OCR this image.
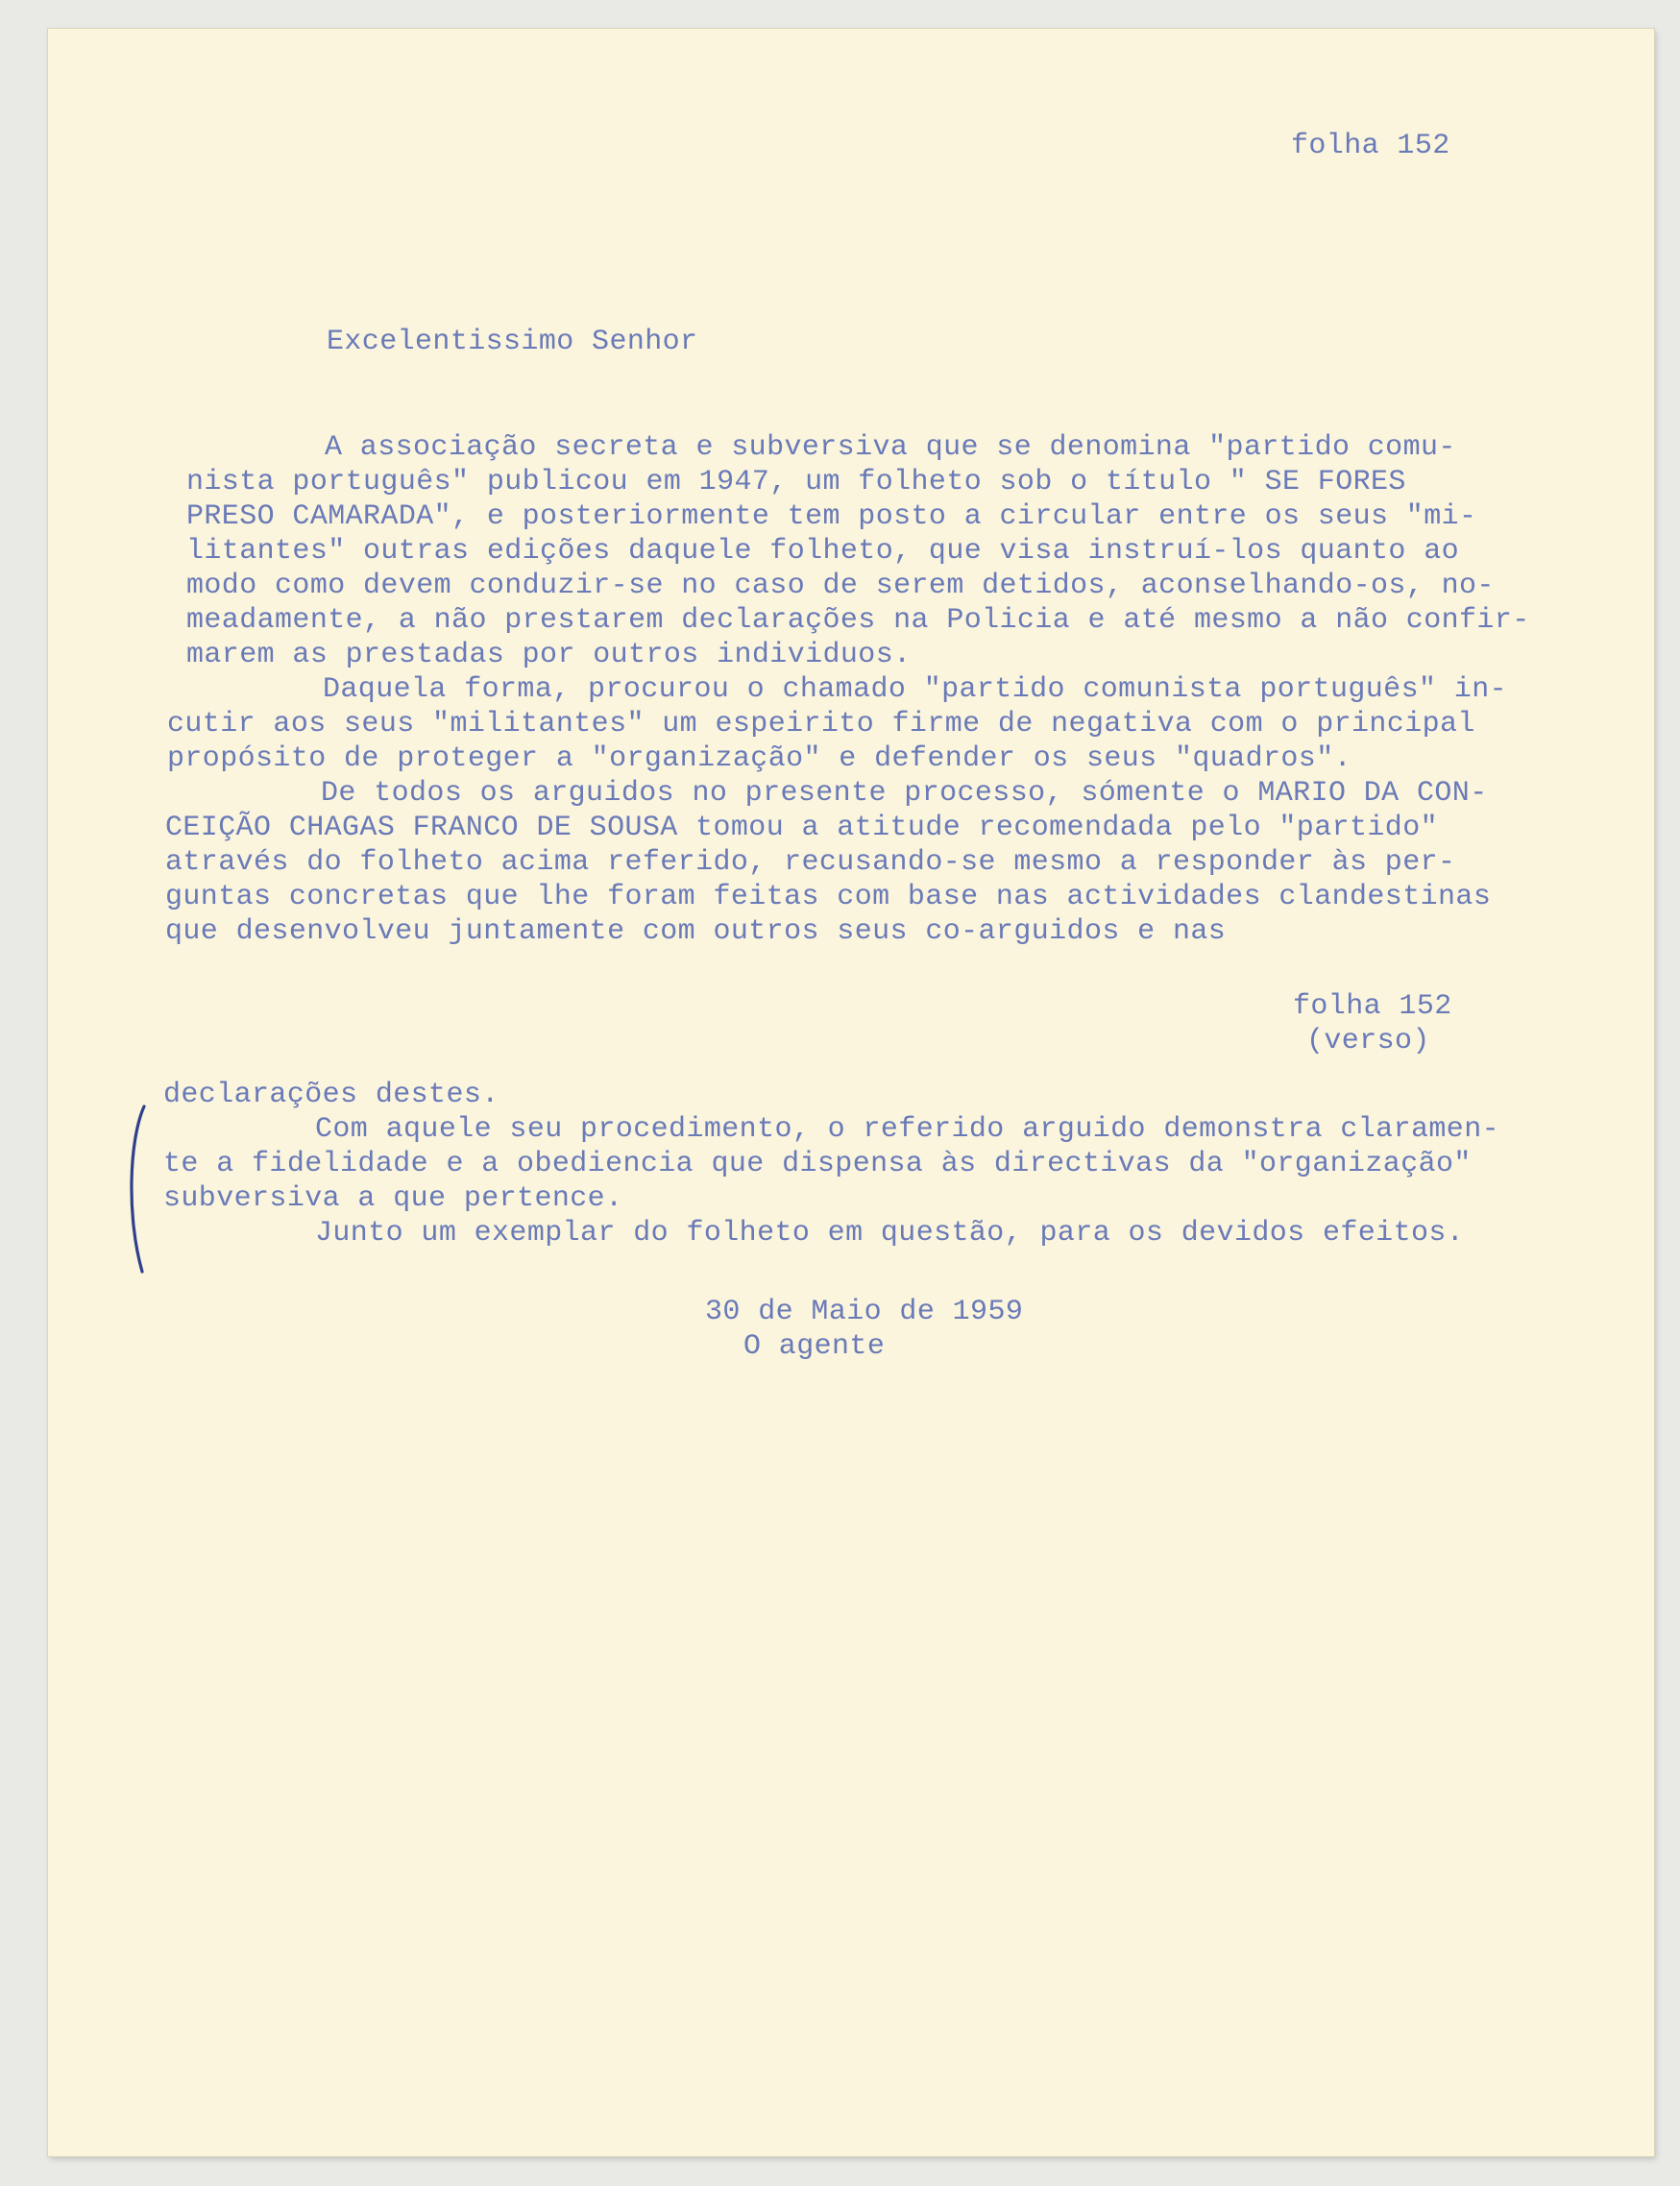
folha 152
Excelentissimo Senhor
A associação secreta e subversiva que se denomina "partido comu-
nista português" publicou em 1947, um folheto sob o título " SE FORES
PRESO CAMARADA", e posteriormente tem posto a circular entre os seus "mi-
litantes" outras edições daquele folheto, que visa instruí-los quanto ao
modo como devem conduzir-se no caso de serem detidos, aconselhando-os, no-
meadamente, a não prestarem declarações na Policia e até mesmo a não confir-
marem as prestadas por outros individuos.
Daquela forma, procurou o chamado "partido comunista português" in-
cutir aos seus "militantes" um espeirito firme de negativa com o principal
propósito de proteger a "organização" e defender os seus "quadros".
De todos os arguidos no presente processo, sómente o MARIO DA CON-
CEIÇÃO CHAGAS FRANCO DE SOUSA tomou a atitude recomendada pelo "partido"
através do folheto acima referido, recusando-se mesmo a responder às per-
guntas concretas que lhe foram feitas com base nas actividades clandestinas
que desenvolveu juntamente com outros seus co-arguidos e nas
folha 152
(verso)
declarações destes.
Com aquele seu procedimento, o referido arguido demonstra claramen-
te a fidelidade e a obediencia que dispensa às directivas da "organização"
subversiva a que pertence.
Junto um exemplar do folheto em questão, para os devidos efeitos.
30 de Maio de 1959
O agente
